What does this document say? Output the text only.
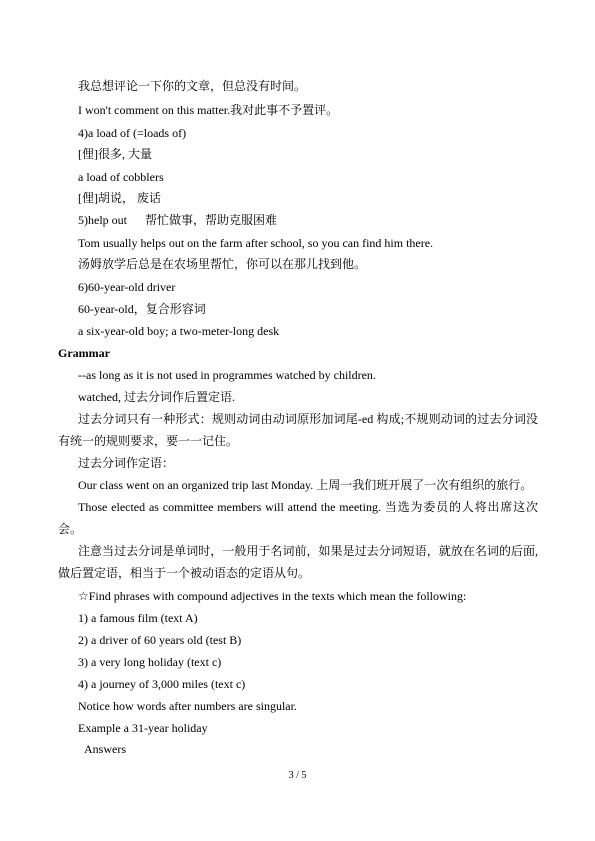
我总想评论一下你的文章，但总没有时间。
I won't comment on this matter.我对此事不予置评。
4)a load of (=loads of)
[俚]很多, 大量
a load of cobblers
[俚]胡说， 废话
5)help out 帮忙做事，帮助克服困难
Tom usually helps out on the farm after school, so you can find him there.
汤姆放学后总是在农场里帮忙，你可以在那儿找到他。
6)60-year-old driver
60-year-old，复合形容词
a six-year-old boy; a two-meter-long desk
Grammar
--as long as it is not used in programmes watched by children.
watched, 过去分词作后置定语.
过去分词只有一种形式：规则动词由动词原形加词尾-ed 构成;不规则动词的过去分词没有统一的规则要求，要一一记住。
过去分词作定语：
Our class went on an organized trip last Monday. 上周一我们班开展了一次有组织的旅行。
Those elected as committee members will attend the meeting. 当选为委员的人将出席这次会。
注意当过去分词是单词时，一般用于名词前，如果是过去分词短语，就放在名词的后面,做后置定语，相当于一个被动语态的定语从句。
☆Find phrases with compound adjectives in the texts which mean the following:
1) a famous film (text A)
2) a driver of 60 years old (test B)
3) a very long holiday (text c)
4) a journey of 3,000 miles (text c)
Notice how words after numbers are singular.
Example a 31-year holiday
Answers
3 / 5
